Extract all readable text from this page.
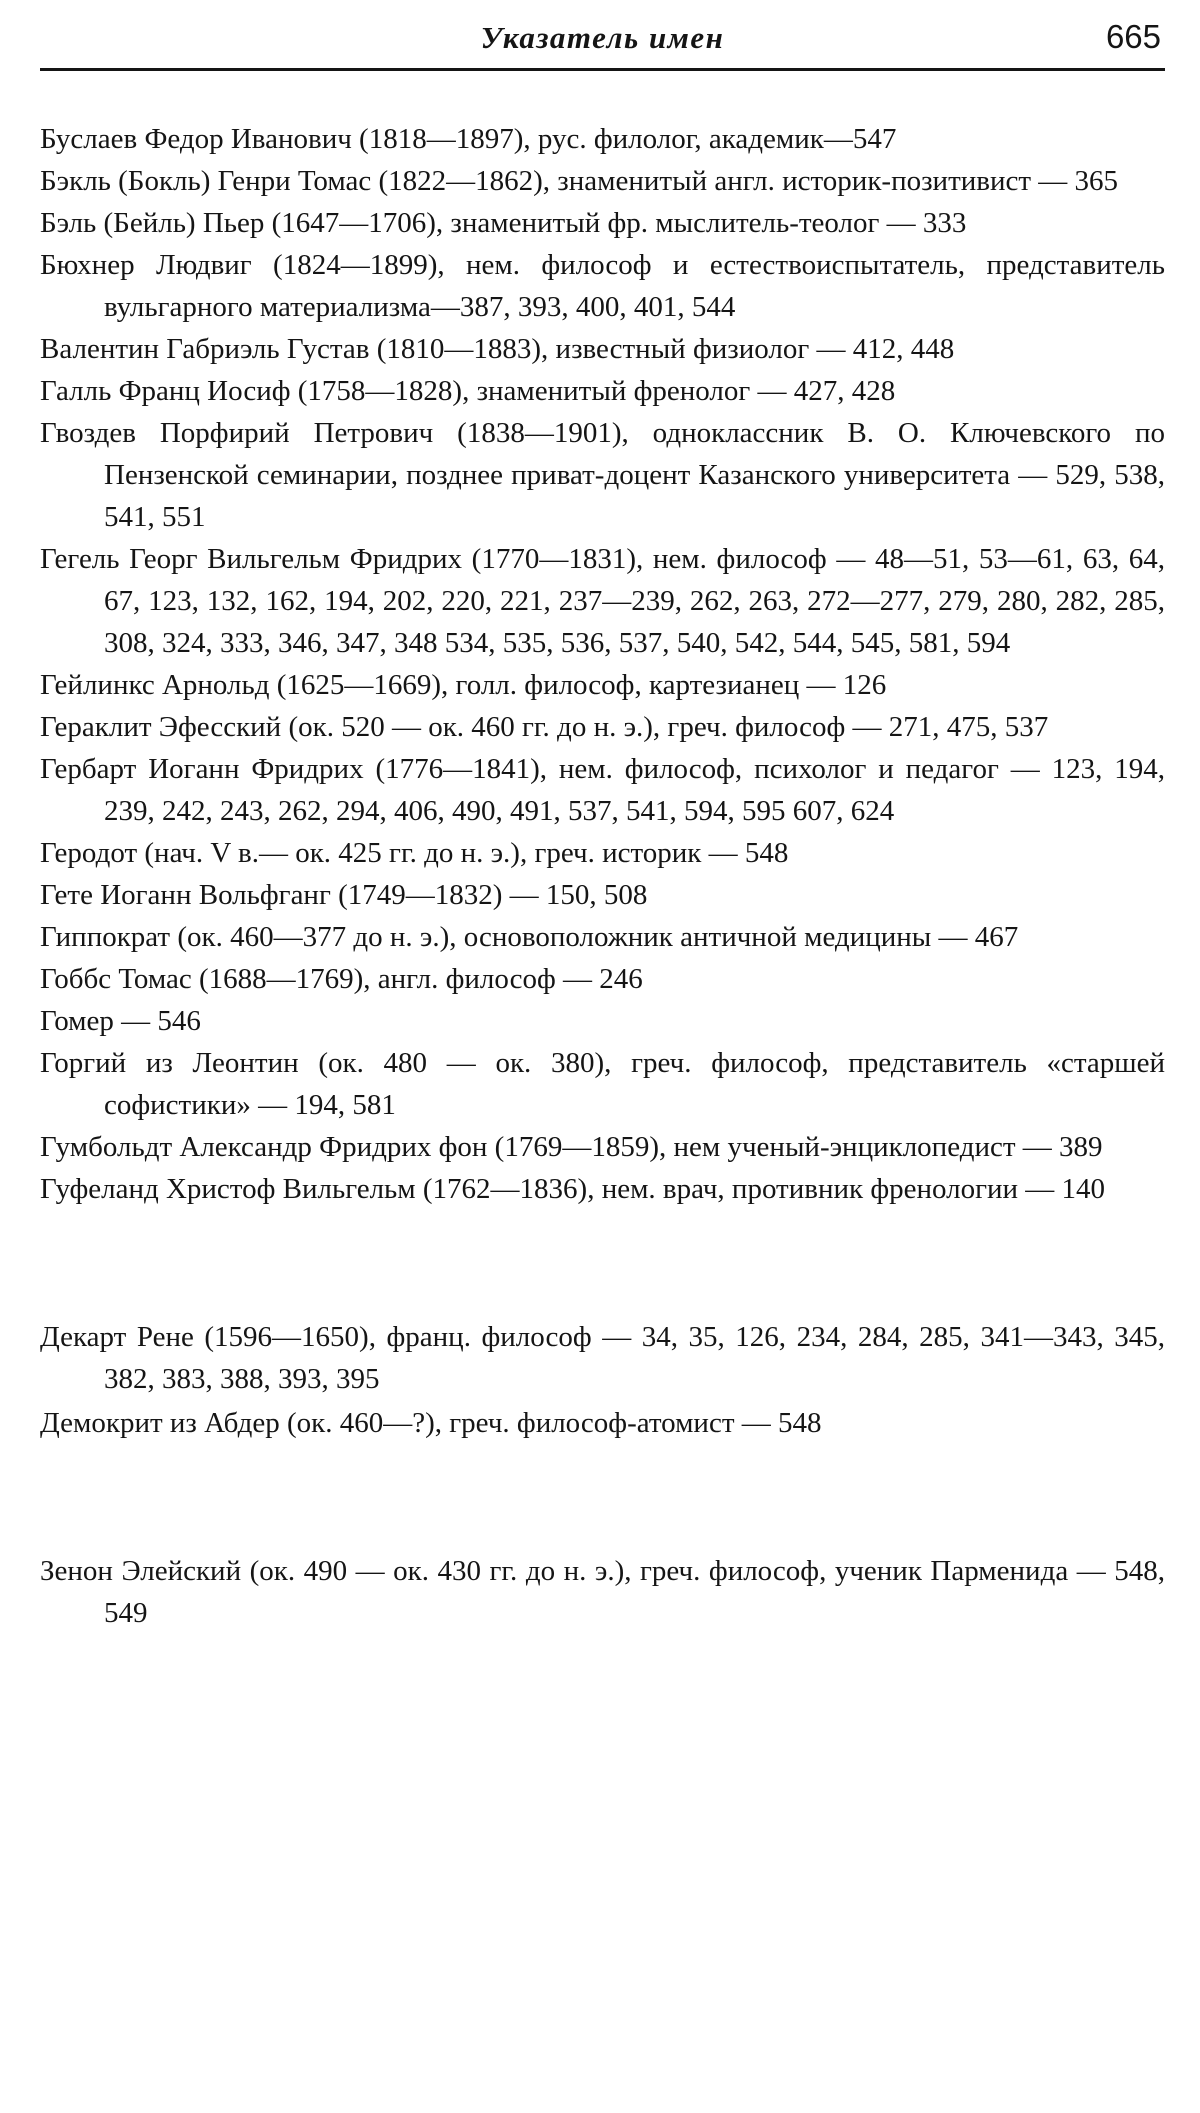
Указатель имен	665

Буслаев Федор Иванович (1818—1897), рус. филолог, академик—547

Бэкль (Бокль) Генри Томас (1822—1862), знаменитый англ. историк-позитивист — 365

Бэль (Бейль) Пьер (1647—1706), знаменитый фр. мыслитель-теолог — 333

Бюхнер Людвиг (1824—1899), нем. философ и естествоиспытатель, представитель вульгарного материализма—387, 393, 400, 401, 544

Валентин Габриэль Густав (1810—1883), известный физиолог — 412, 448

Галль Франц Иосиф (1758—1828), знаменитый френолог — 427, 428

Гвоздев Порфирий Петрович (1838—1901), одноклассник В. О. Ключевского по Пензенской семинарии, позднее приват-доцент Казанского университета — 529, 538, 541, 551

Гегель Георг Вильгельм Фридрих (1770—1831), нем. философ — 48—51, 53—61, 63, 64, 67, 123, 132, 162, 194, 202, 220, 221, 237—239, 262, 263, 272—277, 279, 280, 282, 285, 308, 324, 333, 346, 347, 348 534, 535, 536, 537, 540, 542, 544, 545, 581, 594

Гейлинкс Арнольд (1625—1669), голл. философ, картезианец — 126

Гераклит Эфесский (ок. 520 — ок. 460 гг. до н. э.), греч. философ — 271, 475, 537

Гербарт Иоганн Фридрих (1776—1841), нем. философ, психолог и педагог — 123, 194, 239, 242, 243, 262, 294, 406, 490, 491, 537, 541, 594, 595 607, 624

Геродот (нач. V в.— ок. 425 гг. до н. э.), греч. историк — 548

Гете Иоганн Вольфганг (1749—1832) — 150, 508

Гиппократ (ок. 460—377 до н. э.), основоположник античной медицины — 467

Гоббс Томас (1688—1769), англ. философ — 246

Гомер — 546

Горгий из Леонтин (ок. 480 — ок. 380), греч. философ, представитель «старшей софистики» — 194, 581

Гумбольдт Александр Фридрих фон (1769—1859), нем ученый-энциклопедист — 389

Гуфеланд Христоф Вильгельм (1762—1836), нем. врач, противник френологии — 140

Декарт Рене (1596—1650), франц. философ — 34, 35, 126, 234, 284, 285, 341—343, 345, 382, 383, 388, 393, 395

Демокрит из Абдер (ок. 460—?), греч. философ-атомист — 548

Зенон Элейский (ок. 490 — ок. 430 гг. до н. э.), греч. философ, ученик Парменида — 548, 549
